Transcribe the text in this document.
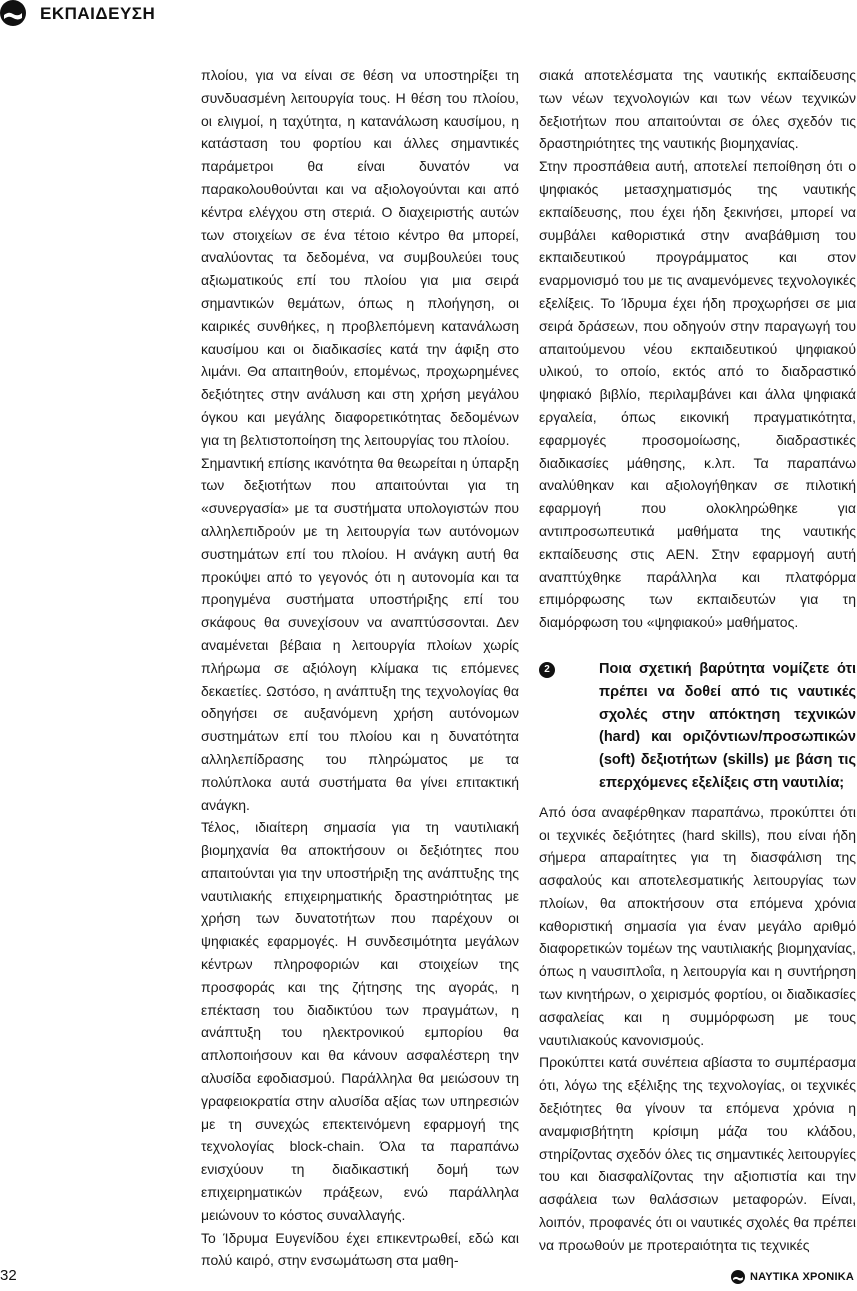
ΕΚΠΑΙΔΕΥΣΗ

πλοίου, για να είναι σε θέση να υποστηρίξει τη συνδυασμένη λειτουργία τους. Η θέση του πλοίου, οι ελιγμοί, η ταχύτητα, η κατανάλωση καυσίμου, η κατάσταση του φορτίου και άλλες σημαντικές παράμετροι θα είναι δυνατόν να παρακολουθούνται και να αξιολογούνται και από κέντρα ελέγχου στη στεριά. Ο διαχειριστής αυτών των στοιχείων σε ένα τέτοιο κέντρο θα μπορεί, αναλύοντας τα δεδομένα, να συμβουλεύει τους αξιωματικούς επί του πλοίου για μια σειρά σημαντικών θεμάτων, όπως η πλοήγηση, οι καιρικές συνθήκες, η προβλεπόμενη κατανάλωση καυσίμου και οι διαδικασίες κατά την άφιξη στο λιμάνι. Θα απαιτηθούν, επομένως, προχωρημένες δεξιότητες στην ανάλυση και στη χρήση μεγάλου όγκου και μεγάλης διαφορετικότητας δεδομένων για τη βελτιστοποίηση της λειτουργίας του πλοίου.

Σημαντική επίσης ικανότητα θα θεωρείται η ύπαρξη των δεξιοτήτων που απαιτούνται για τη «συνεργασία» με τα συστήματα υπολογιστών που αλληλεπιδρούν με τη λειτουργία των αυτόνομων συστημάτων επί του πλοίου. Η ανάγκη αυτή θα προκύψει από το γεγονός ότι η αυτονομία και τα προηγμένα συστήματα υποστήριξης επί του σκάφους θα συνεχίσουν να αναπτύσσονται. Δεν αναμένεται βέβαια η λειτουργία πλοίων χωρίς πλήρωμα σε αξιόλογη κλίμακα τις επόμενες δεκαετίες. Ωστόσο, η ανάπτυξη της τεχνολογίας θα οδηγήσει σε αυξανόμενη χρήση αυτόνομων συστημάτων επί του πλοίου και η δυνατότητα αλληλεπίδρασης του πληρώματος με τα πολύπλοκα αυτά συστήματα θα γίνει επιτακτική ανάγκη.

Τέλος, ιδιαίτερη σημασία για τη ναυτιλιακή βιομηχανία θα αποκτήσουν οι δεξιότητες που απαιτούνται για την υποστήριξη της ανάπτυξης της ναυτιλιακής επιχειρηματικής δραστηριότητας με χρήση των δυνατοτήτων που παρέχουν οι ψηφιακές εφαρμογές. Η συνδεσιμότητα μεγάλων κέντρων πληροφοριών και στοιχείων της προσφοράς και της ζήτησης της αγοράς, η επέκταση του διαδικτύου των πραγμάτων, η ανάπτυξη του ηλεκτρονικού εμπορίου θα απλοποιήσουν και θα κάνουν ασφαλέστερη την αλυσίδα εφοδιασμού. Παράλληλα θα μειώσουν τη γραφειοκρατία στην αλυσίδα αξίας των υπηρεσιών με τη συνεχώς επεκτεινόμενη εφαρμογή της τεχνολογίας block-chain. Όλα τα παραπάνω ενισχύουν τη διαδικαστική δομή των επιχειρηματικών πράξεων, ενώ παράλληλα μειώνουν το κόστος συναλλαγής.

Το Ίδρυμα Ευγενίδου έχει επικεντρωθεί, εδώ και πολύ καιρό, στην ενσωμάτωση στα μαθη-

σιακά αποτελέσματα της ναυτικής εκπαίδευσης των νέων τεχνολογιών και των νέων τεχνικών δεξιοτήτων που απαιτούνται σε όλες σχεδόν τις δραστηριότητες της ναυτικής βιομηχανίας.

Στην προσπάθεια αυτή, αποτελεί πεποίθηση ότι ο ψηφιακός μετασχηματισμός της ναυτικής εκπαίδευσης, που έχει ήδη ξεκινήσει, μπορεί να συμβάλει καθοριστικά στην αναβάθμιση του εκπαιδευτικού προγράμματος και στον εναρμονισμό του με τις αναμενόμενες τεχνολογικές εξελίξεις. Το Ίδρυμα έχει ήδη προχωρήσει σε μια σειρά δράσεων, που οδηγούν στην παραγωγή του απαιτούμενου νέου εκπαιδευτικού ψηφιακού υλικού, το οποίο, εκτός από το διαδραστικό ψηφιακό βιβλίο, περιλαμβάνει και άλλα ψηφιακά εργαλεία, όπως εικονική πραγματικότητα, εφαρμογές προσομοίωσης, διαδραστικές διαδικασίες μάθησης, κ.λπ. Τα παραπάνω αναλύθηκαν και αξιολογήθηκαν σε πιλοτική εφαρμογή που ολοκληρώθηκε για αντιπροσωπευτικά μαθήματα της ναυτικής εκπαίδευσης στις ΑΕΝ. Στην εφαρμογή αυτή αναπτύχθηκε παράλληλα και πλατφόρμα επιμόρφωσης των εκπαιδευτών για τη διαμόρφωση του «ψηφιακού» μαθήματος.

2	Ποια σχετική βαρύτητα νομίζετε ότι πρέπει να δοθεί από τις ναυτικές σχολές στην απόκτηση τεχνικών (hard) και οριζόντιων/προσωπικών (soft) δεξιοτήτων (skills) με βάση τις επερχόμενες εξελίξεις στη ναυτιλία;

Από όσα αναφέρθηκαν παραπάνω, προκύπτει ότι οι τεχνικές δεξιότητες (hard skills), που είναι ήδη σήμερα απαραίτητες για τη διασφάλιση της ασφαλούς και αποτελεσματικής λειτουργίας των πλοίων, θα αποκτήσουν στα επόμενα χρόνια καθοριστική σημασία για έναν μεγάλο αριθμό διαφορετικών τομέων της ναυτιλιακής βιομηχανίας, όπως η ναυσιπλοΐα, η λειτουργία και η συντήρηση των κινητήρων, ο χειρισμός φορτίου, οι διαδικασίες ασφαλείας και η συμμόρφωση με τους ναυτιλιακούς κανονισμούς.

Προκύπτει κατά συνέπεια αβίαστα το συμπέρασμα ότι, λόγω της εξέλιξης της τεχνολογίας, οι τεχνικές δεξιότητες θα γίνουν τα επόμενα χρόνια η αναμφισβήτητη κρίσιμη μάζα του κλάδου, στηρίζοντας σχεδόν όλες τις σημαντικές λειτουργίες του και διασφαλίζοντας την αξιοπιστία και την ασφάλεια των θαλάσσιων μεταφορών. Είναι, λοιπόν, προφανές ότι οι ναυτικές σχολές θα πρέπει να προωθούν με προτεραιότητα τις τεχνικές

32	ΝΑΥΤΙΚΑ ΧΡΟΝΙΚΑ
